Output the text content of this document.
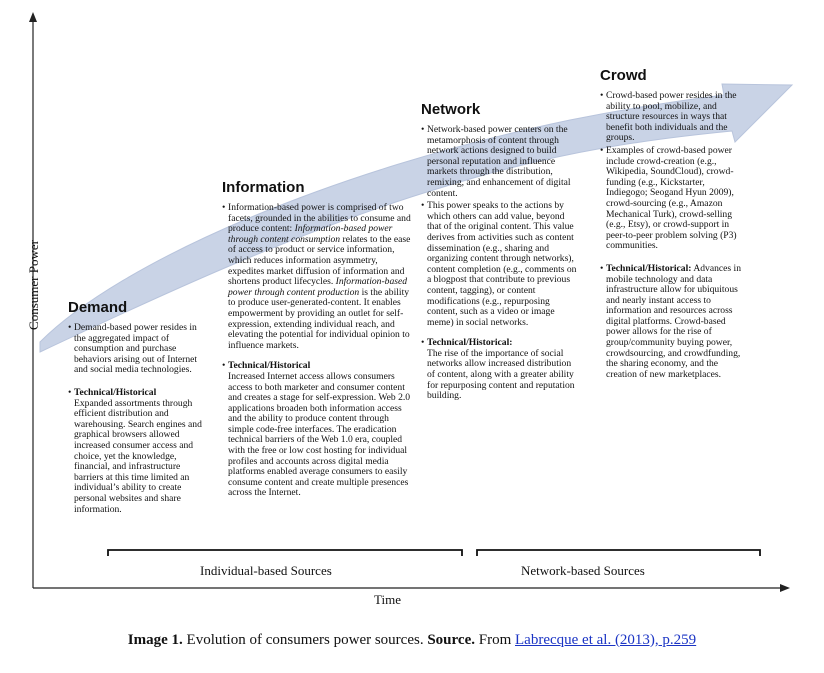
Consumer Power
Time
Demand
• Demand-based power resides in the aggregated impact of consumption and purchase behaviors arising out of Internet and social media technologies.
• Technical/Historical
Expanded assortments through efficient distribution and warehousing. Search engines and graphical browsers allowed increased consumer access and choice, yet the knowledge, financial, and infrastructure barriers at this time limited an individual’s ability to create personal websites and share information.
Information
• Information-based power is comprised of two facets, grounded in the abilities to consume and produce content: Information-based power through content consumption relates to the ease of access to product or service information, which reduces information asymmetry, expedites market diffusion of information and shortens product lifecycles. Information-based power through content production is the ability to produce user-generated-content. It enables empowerment by providing an outlet for self-expression, extending individual reach, and elevating the potential for individual opinion to influence markets.
• Technical/Historical
Increased Internet access allows consumers access to both marketer and consumer content and creates a stage for self-expression. Web 2.0 applications broaden both information access and the ability to produce content through simple code-free interfaces. The eradication technical barriers of the Web 1.0 era, coupled with the free or low cost hosting for individual profiles and accounts across digital media platforms enabled average consumers to easily consume content and create multiple presences across the Internet.
Network
• Network-based power centers on the metamorphosis of content through network actions designed to build personal reputation and influence markets through the distribution, remixing, and enhancement of digital content.
• This power speaks to the actions by which others can add value, beyond that of the original content. This value derives from activities such as content dissemination (e.g., sharing and organizing content through networks), content completion (e.g., comments on a blogpost that contribute to previous content, tagging), or content modifications (e.g., repurposing content, such as a video or image meme) in social networks.
• Technical/Historical:
The rise of the importance of social networks allow increased distribution of content, along with a greater ability for repurposing content and reputation building.
Crowd
• Crowd-based power resides in the ability to pool, mobilize, and structure resources in ways that benefit both individuals and the groups.
• Examples of crowd-based power include crowd-creation (e.g., Wikipedia, SoundCloud), crowd-funding (e.g., Kickstarter, Indiegogo; Seogand Hyun 2009), crowd-sourcing (e.g., Amazon Mechanical Turk), crowd-selling (e.g., Etsy), or crowd-support in peer-to-peer problem solving (P3) communities.
• Technical/Historical: Advances in mobile technology and data infrastructure allow for ubiquitous and nearly instant access to information and resources across digital platforms. Crowd-based power allows for the rise of group/community buying power, crowdsourcing, and crowdfunding, the sharing economy, and the creation of new marketplaces.
Individual-based Sources	Network-based Sources
Image 1. Evolution of consumers power sources. Source. From Labrecque et al. (2013), p.259
